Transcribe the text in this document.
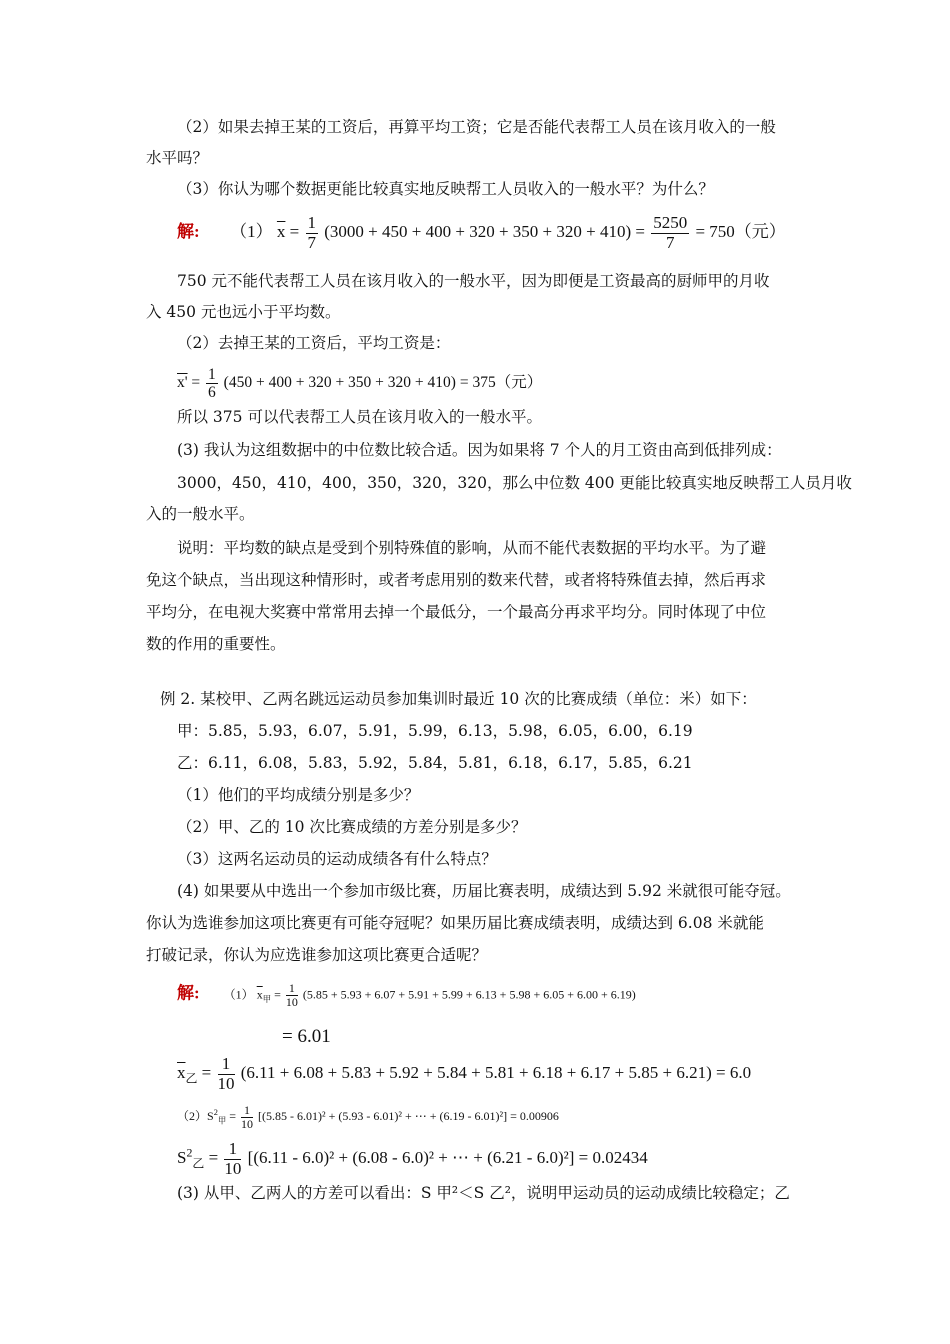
（2）如果去掉王某的工资后，再算平均工资；它是否能代表帮工人员在该月收入的一般
水平吗？
（3）你认为哪个数据更能比较真实地反映帮工人员收入的一般水平？为什么？
解: （1） $\overline{x} = \frac{1}{7} (3000 + 450 + 400 + 320 + 350 + 320 + 410) = \frac{5250}{7} = 750$（元）
750 元不能代表帮工人员在该月收入的一般水平，因为即便是工资最高的厨师甲的月收
入 450 元也远小于平均数。
（2）去掉王某的工资后，平均工资是：
$x' = \frac{1}{6} (450 + 400 + 320 + 350 + 320 + 410) = 375$（元）
所以 375 可以代表帮工人员在该月收入的一般水平。
(3) 我认为这组数据中的中位数比较合适。因为如果将 7 个人的月工资由高到低排列成：
3000，450，410，400，350，320，320，那么中位数 400 更能比较真实地反映帮工人员月收
入的一般水平。
说明：平均数的缺点是受到个别特殊值的影响，从而不能代表数据的平均水平。为了避
免这个缺点，当出现这种情形时，或者考虑用别的数来代替，或者将特殊值去掉，然后再求
平均分，在电视大奖赛中常常用去掉一个最低分，一个最高分再求平均分。同时体现了中位
数的作用的重要性。
例 2. 某校甲、乙两名跳远运动员参加集训时最近 10 次的比赛成绩（单位：米）如下：
甲：5.85，5.93，6.07，5.91，5.99，6.13，5.98，6.05，6.00，6.19
乙：6.11，6.08，5.83，5.92，5.84，5.81，6.18，6.17，5.85，6.21
（1）他们的平均成绩分别是多少？
（2）甲、乙的 10 次比赛成绩的方差分别是多少？
（3）这两名运动员的运动成绩各有什么特点？
(4) 如果要从中选出一个参加市级比赛，历届比赛表明，成绩达到 5.92 米就很可能夺冠。
你认为选谁参加这项比赛更有可能夺冠呢？如果历届比赛成绩表明，成绩达到 6.08 米就能
打破记录，你认为应选谁参加这项比赛更合适呢？
解: （1） $\overline{x}_甲 = \frac{1}{10} (5.85 + 5.93 + 6.07 + 5.91 + 5.99 + 6.13 + 5.98 + 6.05 + 6.00 + 6.19)$
= 6.01
$\overline{x}_乙 = \frac{1}{10} (6.11 + 6.08 + 5.83 + 5.92 + 5.84 + 5.81 + 6.18 + 6.17 + 5.85 + 6.21) = 6.0$
$(2)S^2_甲 = \frac{1}{10} [(5.85 - 6.01)^2 + (5.93 - 6.01)^2$ + ⋯ + (6.19 - 6.01)²] = 0.00906
$S^2_乙 = \frac{1}{10} [(6.11 - 6.0)^2 + (6.08 - 6.0)^2$ + ⋯ + (6.21 - 6.0)²] = 0.02434
(3) 从甲、乙两人的方差可以看出：S 甲²＜S 乙²，说明甲运动员的运动成绩比较稳定；乙
